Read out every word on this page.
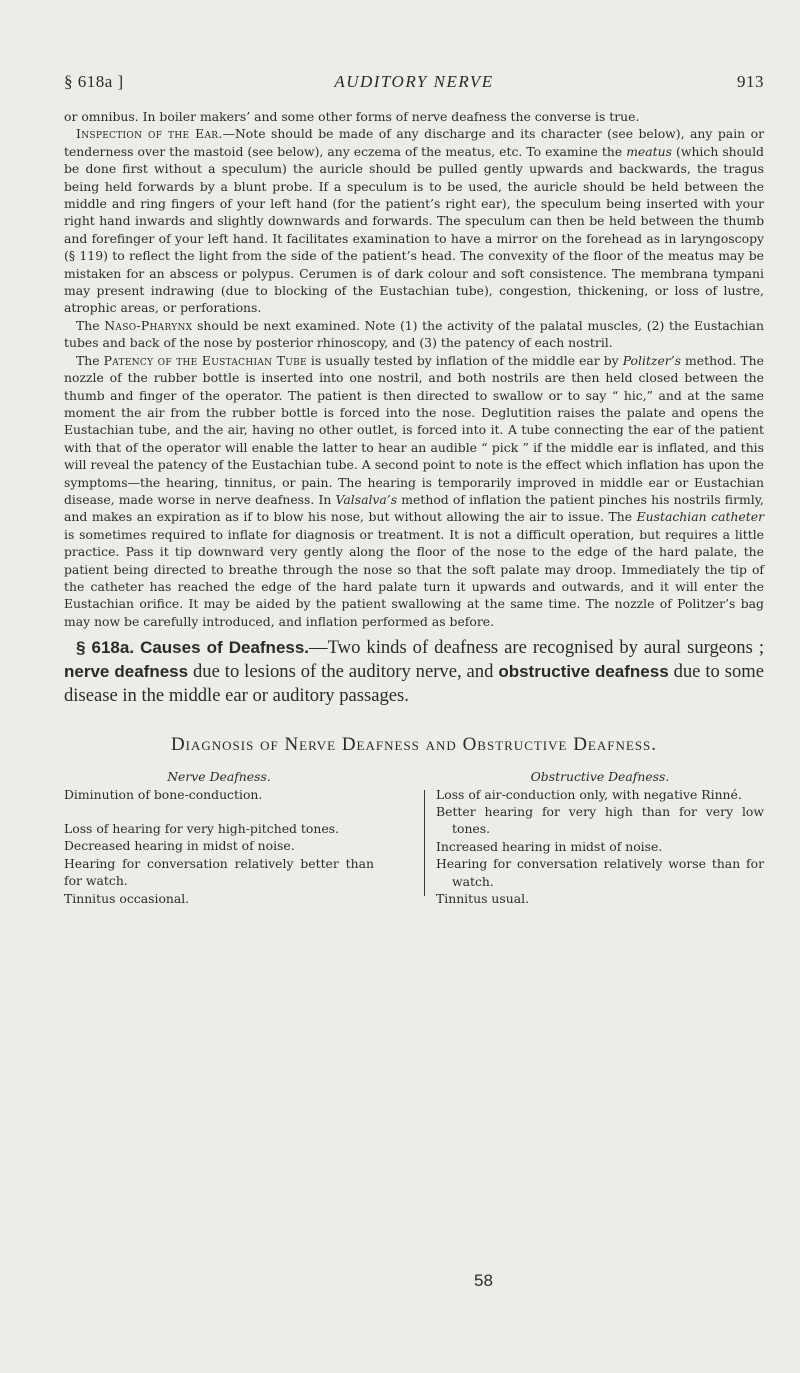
§ 618a ]	AUDITORY NERVE	913

or omnibus. In boiler makers’ and some other forms of nerve deafness the converse is true.

Inspection of the Ear.—Note should be made of any discharge and its character (see below), any pain or tenderness over the mastoid (see below), any eczema of the meatus, etc. To examine the meatus (which should be done first without a speculum) the auricle should be pulled gently upwards and backwards, the tragus being held forwards by a blunt probe. If a speculum is to be used, the auricle should be held between the middle and ring fingers of your left hand (for the patient’s right ear), the speculum being inserted with your right hand inwards and slightly downwards and forwards. The speculum can then be held between the thumb and forefinger of your left hand. It facilitates examination to have a mirror on the forehead as in laryngoscopy (§ 119) to reflect the light from the side of the patient’s head. The convexity of the floor of the meatus may be mistaken for an abscess or polypus. Cerumen is of dark colour and soft consistence. The membrana tympani may present indrawing (due to blocking of the Eustachian tube), congestion, thickening, or loss of lustre, atrophic areas, or perforations.

The Naso-Pharynx should be next examined. Note (1) the activity of the palatal muscles, (2) the Eustachian tubes and back of the nose by posterior rhinoscopy, and (3) the patency of each nostril.

The Patency of the Eustachian Tube is usually tested by inflation of the middle ear by Politzer’s method. The nozzle of the rubber bottle is inserted into one nostril, and both nostrils are then held closed between the thumb and finger of the operator. The patient is then directed to swallow or to say “ hic,” and at the same moment the air from the rubber bottle is forced into the nose. Deglutition raises the palate and opens the Eustachian tube, and the air, having no other outlet, is forced into it. A tube connecting the ear of the patient with that of the operator will enable the latter to hear an audible “ pick ” if the middle ear is inflated, and this will reveal the patency of the Eustachian tube. A second point to note is the effect which inflation has upon the symptoms—the hearing, tinnitus, or pain. The hearing is temporarily improved in middle ear or Eustachian disease, made worse in nerve deafness. In Valsalva’s method of inflation the patient pinches his nostrils firmly, and makes an expiration as if to blow his nose, but without allowing the air to issue. The Eustachian catheter is sometimes required to inflate for diagnosis or treatment. It is not a difficult operation, but requires a little practice. Pass it tip downward very gently along the floor of the nose to the edge of the hard palate, the patient being directed to breathe through the nose so that the soft palate may droop. Immediately the tip of the catheter has reached the edge of the hard palate turn it upwards and outwards, and it will enter the Eustachian orifice. It may be aided by the patient swallowing at the same time. The nozzle of Politzer’s bag may now be carefully introduced, and inflation performed as before.

§ 618a. Causes of Deafness.—Two kinds of deafness are recognised by aural surgeons ; nerve deafness due to lesions of the auditory nerve, and obstructive deafness due to some disease in the middle ear or auditory passages.
Diagnosis of Nerve Deafness and Obstructive Deafness.
Nerve Deafness.
Diminution of bone-conduction.
Loss of hearing for very high-pitched tones.
Decreased hearing in midst of noise.
Hearing for conversation relatively better than for watch.
Tinnitus occasional.
Obstructive Deafness.
Loss of air-conduction only, with negative Rinné.
Better hearing for very high than for very low tones.
Increased hearing in midst of noise.
Hearing for conversation relatively worse than for watch.
Tinnitus usual.
58
